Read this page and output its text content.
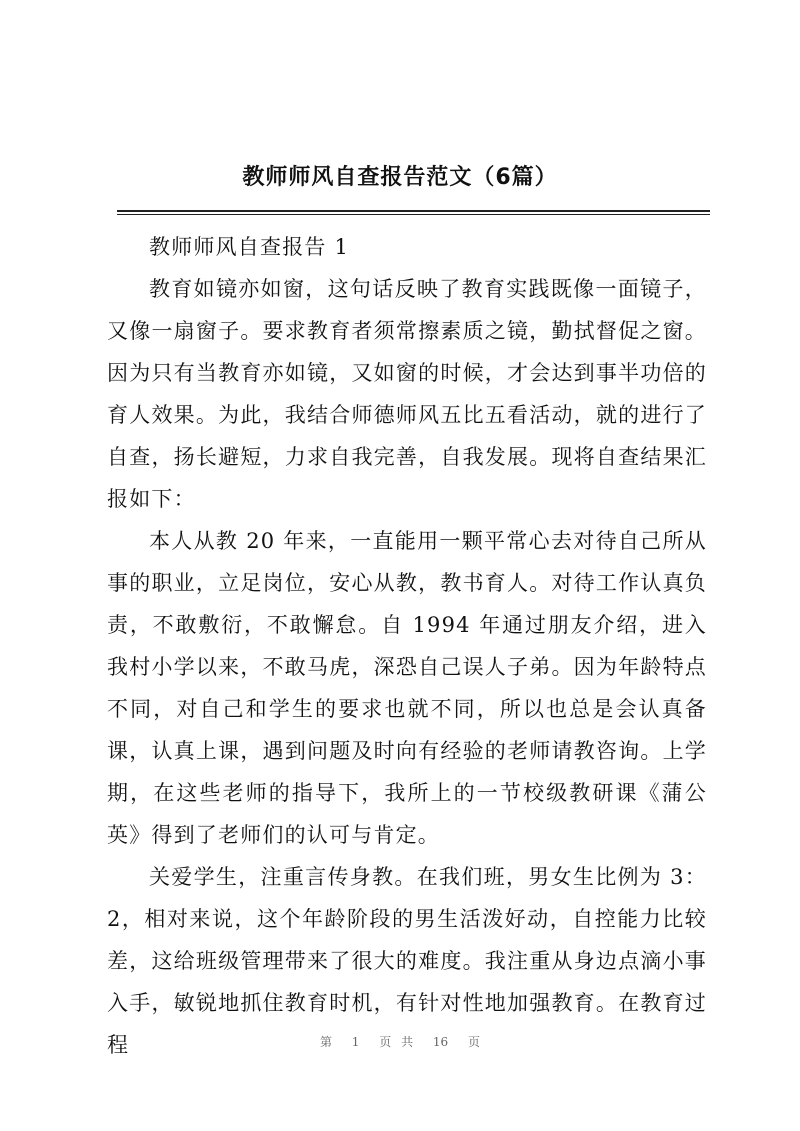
教师师风自查报告范文（6篇）

教师师风自查报告 1

教育如镜亦如窗，这句话反映了教育实践既像一面镜子，又像一扇窗子。要求教育者须常擦素质之镜，勤拭督促之窗。因为只有当教育亦如镜，又如窗的时候，才会达到事半功倍的育人效果。为此，我结合师德师风五比五看活动，就的进行了自查，扬长避短，力求自我完善，自我发展。现将自查结果汇报如下：

本人从教 20 年来，一直能用一颗平常心去对待自己所从事的职业，立足岗位，安心从教，教书育人。对待工作认真负责，不敢敷衍，不敢懈怠。自 1994 年通过朋友介绍，进入我村小学以来，不敢马虎，深恐自己误人子弟。因为年龄特点不同，对自己和学生的要求也就不同，所以也总是会认真备课，认真上课，遇到问题及时向有经验的老师请教咨询。上学期，在这些老师的指导下，我所上的一节校级教研课《蒲公英》得到了老师们的认可与肯定。

关爱学生，注重言传身教。在我们班，男女生比例为 3：2，相对来说，这个年龄阶段的男生活泼好动，自控能力比较差，这给班级管理带来了很大的难度。我注重从身边点滴小事入手，敏锐地抓住教育时机，有针对性地加强教育。在教育过程	第 1 页 共 16 页
